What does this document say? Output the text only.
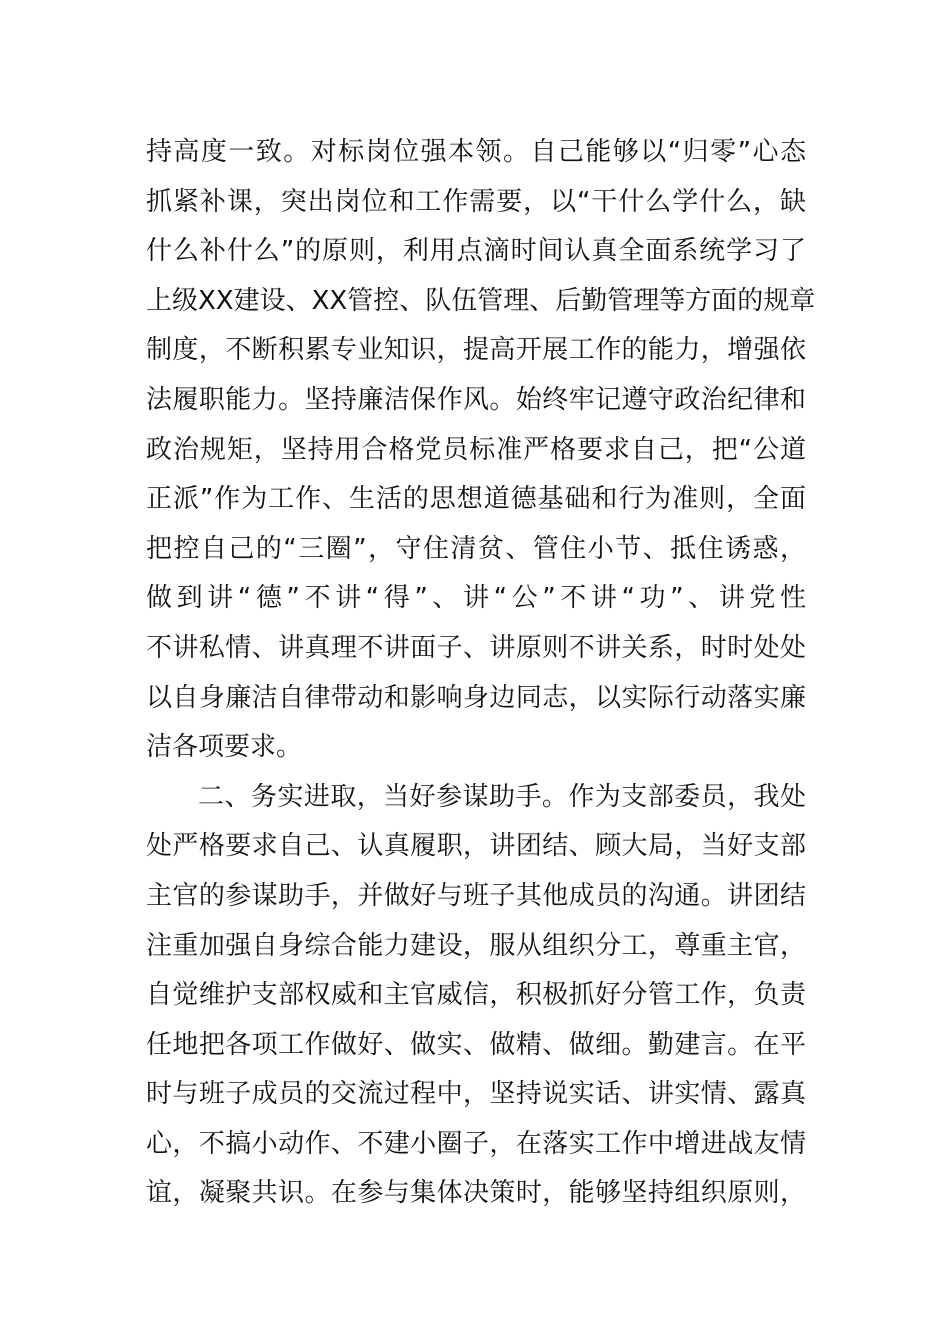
持高度一致。对标岗位强本领。自己能够以“归零”心态
抓紧补课，突出岗位和工作需要，以“干什么学什么，缺
什么补什么”的原则，利用点滴时间认真全面系统学习了
上级XX建设、XX管控、队伍管理、后勤管理等方面的规章
制度，不断积累专业知识，提高开展工作的能力，增强依
法履职能力。坚持廉洁保作风。始终牢记遵守政治纪律和
政治规矩，坚持用合格党员标准严格要求自己，把“公道
正派”作为工作、生活的思想道德基础和行为准则，全面
把控自己的“三圈”，守住清贫、管住小节、抵住诱惑，
做到讲“德”不讲“得”、讲“公”不讲“功”、讲党性
不讲私情、讲真理不讲面子、讲原则不讲关系，时时处处
以自身廉洁自律带动和影响身边同志，以实际行动落实廉
洁各项要求。
二、务实进取，当好参谋助手。作为支部委员，我处
处严格要求自己、认真履职，讲团结、顾大局，当好支部
主官的参谋助手，并做好与班子其他成员的沟通。讲团结
注重加强自身综合能力建设，服从组织分工，尊重主官，
自觉维护支部权威和主官威信，积极抓好分管工作，负责
任地把各项工作做好、做实、做精、做细。勤建言。在平
时与班子成员的交流过程中，坚持说实话、讲实情、露真
心，不搞小动作、不建小圈子，在落实工作中增进战友情
谊，凝聚共识。在参与集体决策时，能够坚持组织原则，
